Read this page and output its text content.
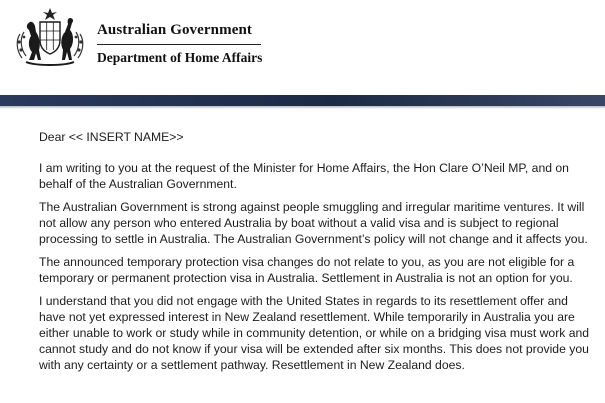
Australian Government
Department of Home Affairs

Dear << INSERT NAME>>

I am writing to you at the request of the Minister for Home Affairs, the Hon Clare O’Neil MP, and on behalf of the Australian Government.

The Australian Government is strong against people smuggling and irregular maritime ventures. It will not allow any person who entered Australia by boat without a valid visa and is subject to regional processing to settle in Australia. The Australian Government’s policy will not change and it affects you.

The announced temporary protection visa changes do not relate to you, as you are not eligible for a temporary or permanent protection visa in Australia. Settlement in Australia is not an option for you.

I understand that you did not engage with the United States in regards to its resettlement offer and have not yet expressed interest in New Zealand resettlement. While temporarily in Australia you are either unable to work or study while in community detention, or while on a bridging visa must work and cannot study and do not know if your visa will be extended after six months. This does not provide you with any certainty or a settlement pathway. Resettlement in New Zealand does.
